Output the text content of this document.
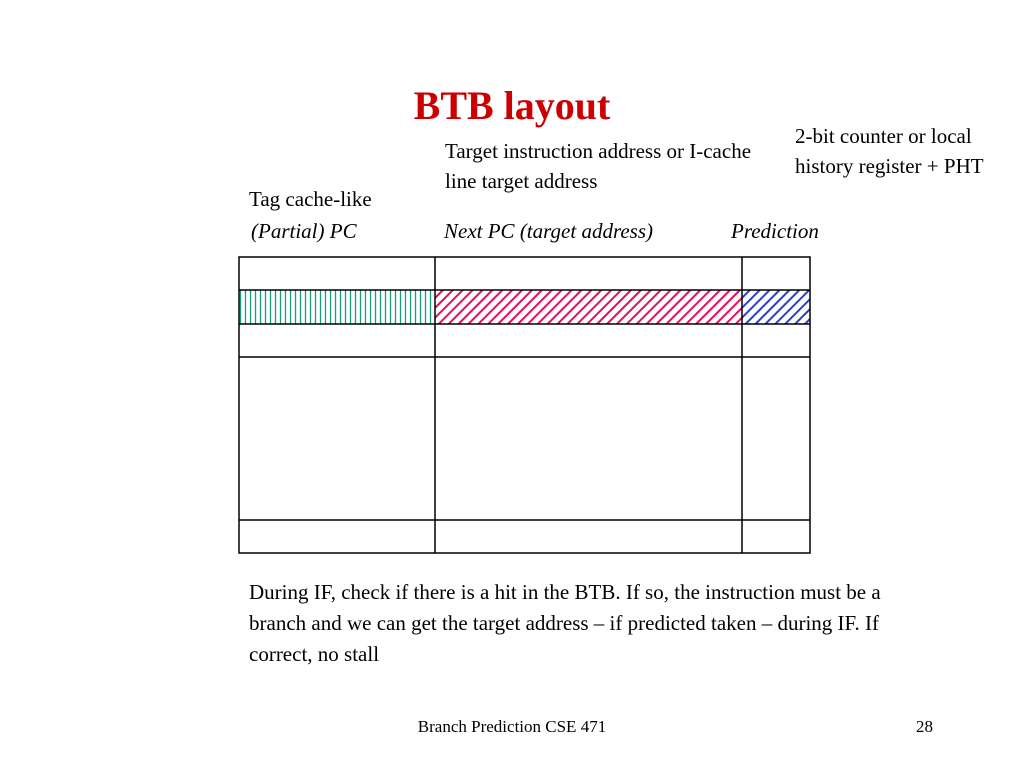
BTB layout
Tag cache-like
Target instruction address or I-cache line target address
2-bit counter or local history register + PHT
(Partial) PC	Next PC (target address)	Prediction
During IF, check if there is a hit in the BTB. If so, the instruction must be a branch and we can get the target address – if predicted taken – during IF. If correct, no stall
Branch Prediction CSE 471	28
